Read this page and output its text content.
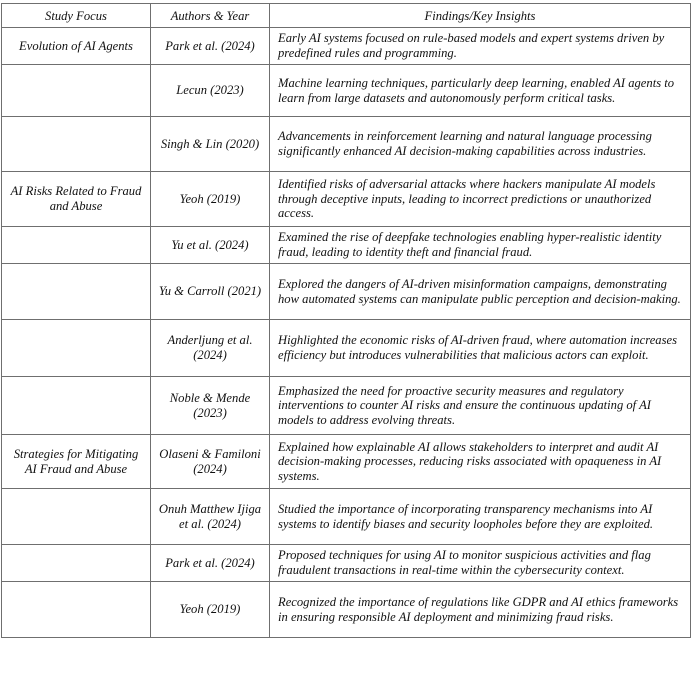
Study Focus	Authors & Year	Findings/Key Insights
Evolution of AI Agents	Park et al. (2024)	Early AI systems focused on rule-based models and expert systems driven by predefined rules and programming.
	Lecun (2023)	Machine learning techniques, particularly deep learning, enabled AI agents to learn from large datasets and autonomously perform critical tasks.
	Singh & Lin (2020)	Advancements in reinforcement learning and natural language processing significantly enhanced AI decision-making capabilities across industries.
AI Risks Related to Fraud and Abuse	Yeoh (2019)	Identified risks of adversarial attacks where hackers manipulate AI models through deceptive inputs, leading to incorrect predictions or unauthorized access.
	Yu et al. (2024)	Examined the rise of deepfake technologies enabling hyper-realistic identity fraud, leading to identity theft and financial fraud.
	Yu & Carroll (2021)	Explored the dangers of AI-driven misinformation campaigns, demonstrating how automated systems can manipulate public perception and decision-making.
	Anderljung et al. (2024)	Highlighted the economic risks of AI-driven fraud, where automation increases efficiency but introduces vulnerabilities that malicious actors can exploit.
	Noble & Mende (2023)	Emphasized the need for proactive security measures and regulatory interventions to counter AI risks and ensure the continuous updating of AI models to address evolving threats.
Strategies for Mitigating AI Fraud and Abuse	Olaseni & Familoni (2024)	Explained how explainable AI allows stakeholders to interpret and audit AI decision-making processes, reducing risks associated with opaqueness in AI systems.
	Onuh Matthew Ijiga et al. (2024)	Studied the importance of incorporating transparency mechanisms into AI systems to identify biases and security loopholes before they are exploited.
	Park et al. (2024)	Proposed techniques for using AI to monitor suspicious activities and flag fraudulent transactions in real-time within the cybersecurity context.
	Yeoh (2019)	Recognized the importance of regulations like GDPR and AI ethics frameworks in ensuring responsible AI deployment and minimizing fraud risks.
